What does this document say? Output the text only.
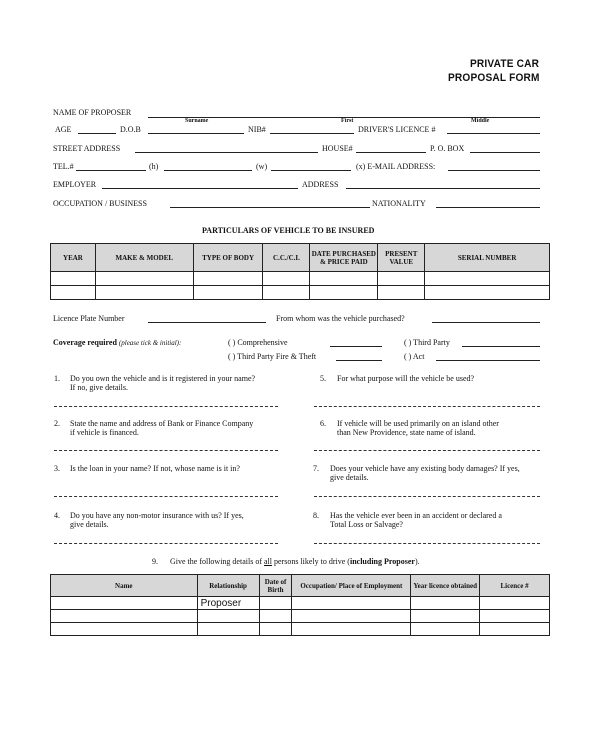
PRIVATE CAR
PROPOSAL FORM
NAME OF PROPOSER
Surname	First	Middle
AGE	D.O.B	NIB#	DRIVER'S LICENCE #
STREET ADDRESS	HOUSE#	P. O. BOX
TEL.#	(h)	(w)	(x) E-MAIL ADDRESS:
EMPLOYER	ADDRESS
OCCUPATION / BUSINESS	NATIONALITY
PARTICULARS OF VEHICLE TO BE INSURED
YEAR	MAKE & MODEL	TYPE OF BODY	C.C./C.I.	DATE PURCHASED & PRICE PAID	PRESENT VALUE	SERIAL NUMBER

Licence Plate Number	From whom was the vehicle purchased?
Coverage required (please tick & initial):	( ) Comprehensive
( ) Third Party Fire & Theft
( ) Third Party
( ) Act
1. Do you own the vehicle and is it registered in your name?
If no, give details.
2. State the name and address of Bank or Finance Company
if vehicle is financed.
3. Is the loan in your name? If not, whose name is it in?
4. Do you have any non-motor insurance with us? If yes,
give details.
5. For what purpose will the vehicle be used?
6. If vehicle will be used primarily on an island other
than New Providence, state name of island.
7. Does your vehicle have any existing body damages? If yes,
give details.
8. Has the vehicle ever been in an accident or declared a
Total Loss or Salvage?
9. Give the following details of all persons likely to drive (including Proposer).
Name	Relationship	Date of Birth	Occupation/ Place of Employment	Year licence obtained	Licence #
	Proposer				
